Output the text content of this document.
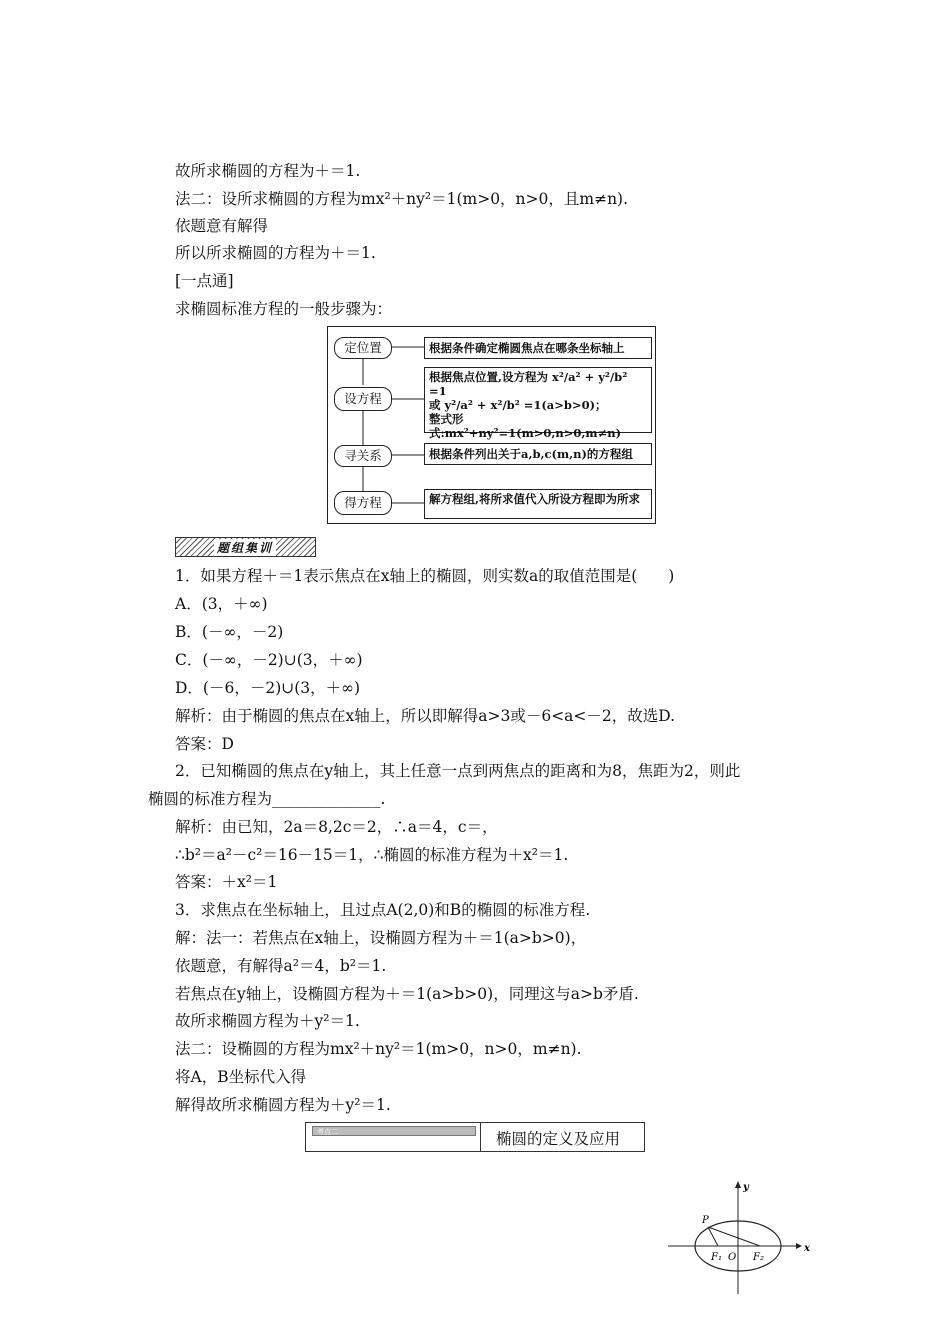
故所求椭圆的方程为＋＝1.
法二：设所求椭圆的方程为mx²＋ny²＝1(m>0，n>0，且m≠n).
依题意有解得
所以所求椭圆的方程为＋＝1.
[一点通]
求椭圆标准方程的一般步骤为：
定位置
设方程
寻关系
得方程
根据条件确定椭圆焦点在哪条坐标轴上
根据焦点位置,设方程为 x²/a² + y²/b² =1
或 y²/a² + x²/b² =1(a>b>0)；
整式形式:mx²+ny²=1(m>0,n>0,m≠n)
根据条件列出关于a,b,c(m,n)的方程组
解方程组,将所求值代入所设方程即为所求
题组集训
1．如果方程＋＝1表示焦点在x轴上的椭圆，则实数a的取值范围是(　　)
A．(3，＋∞)
B．(－∞，－2)
C．(－∞，－2)∪(3，＋∞)
D．(－6，－2)∪(3，＋∞)
解析：由于椭圆的焦点在x轴上，所以即解得a>3或－6<a<－2，故选D.
答案：D
2．已知椭圆的焦点在y轴上，其上任意一点到两焦点的距离和为8，焦距为2，则此
椭圆的标准方程为______________.
解析：由已知，2a＝8,2c＝2，∴a＝4，c＝，
∴b²＝a²－c²＝16－15＝1，∴椭圆的标准方程为＋x²＝1.
答案：＋x²＝1
3．求焦点在坐标轴上，且过点A(2,0)和B的椭圆的标准方程.
解：法一：若焦点在x轴上，设椭圆方程为＋＝1(a>b>0)，
依题意，有解得a²＝4，b²＝1.
若焦点在y轴上，设椭圆方程为＋＝1(a>b>0)，同理这与a>b矛盾.
故所求椭圆方程为＋y²＝1.
法二：设椭圆的方程为mx²＋ny²＝1(m>0，n>0，m≠n).
将A，B坐标代入得
解得故所求椭圆方程为＋y²＝1.
考点二	椭圆的定义及应用
P
F₁ O F₂
x
y
